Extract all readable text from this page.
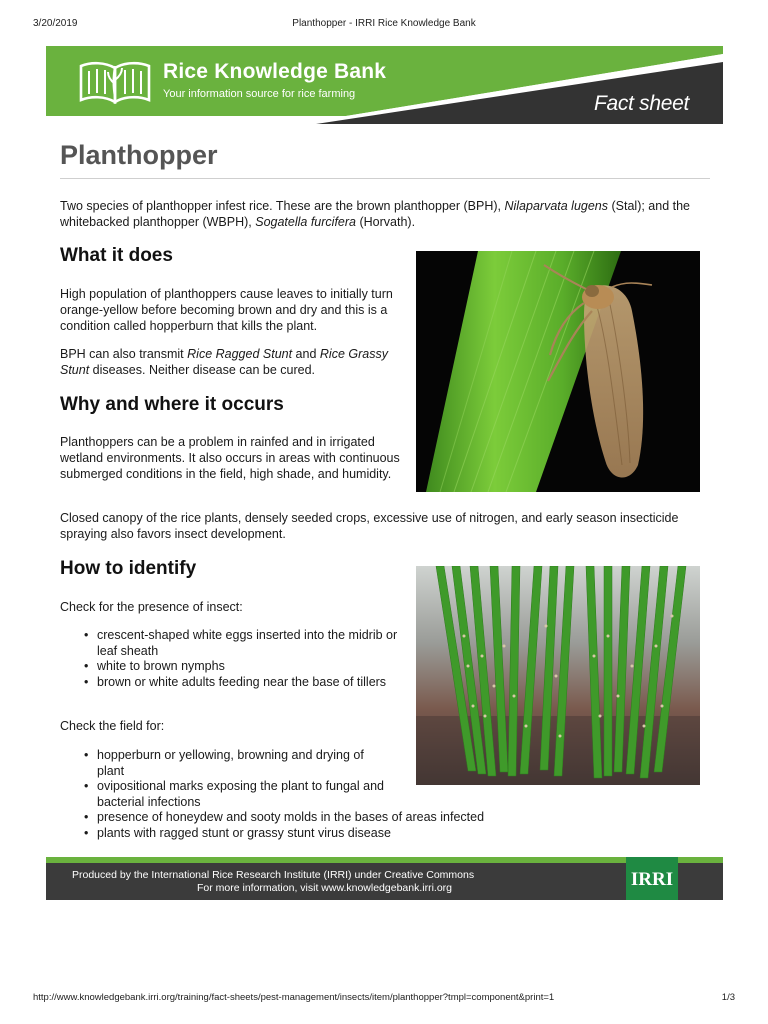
3/20/2019	Planthopper - IRRI Rice Knowledge Bank
Rice Knowledge Bank
Your information source for rice farming	Fact sheet
Planthopper

Two species of planthopper infest rice. These are the brown planthopper (BPH), Nilaparvata lugens (Stal); and the whitebacked planthopper (WBPH), Sogatella furcifera (Horvath).

What it does

High population of planthoppers cause leaves to initially turn orange-yellow before becoming brown and dry and this is a condition called hopperburn that kills the plant.

BPH can also transmit Rice Ragged Stunt and Rice Grassy Stunt diseases. Neither disease can be cured.

Why and where it occurs

Planthoppers can be a problem in rainfed and in irrigated wetland environments. It also occurs in areas with continuous submerged conditions in the field, high shade, and humidity.

Closed canopy of the rice plants, densely seeded crops, excessive use of nitrogen, and early season insecticide spraying also favors insect development.

How to identify

Check for the presence of insect:

• crescent-shaped white eggs inserted into the midrib or leaf sheath
• white to brown nymphs
• brown or white adults feeding near the base of tillers

Check the field for:

• hopperburn or yellowing, browning and drying of plant
• ovipositional marks exposing the plant to fungal and bacterial infections
• presence of honeydew and sooty molds in the bases of areas infected
• plants with ragged stunt or grassy stunt virus disease
Produced by the International Rice Research Institute (IRRI) under Creative Commons
For more information, visit www.knowledgebank.irri.org	IRRI
http://www.knowledgebank.irri.org/training/fact-sheets/pest-management/insects/item/planthopper?tmpl=component&print=1	1/3
